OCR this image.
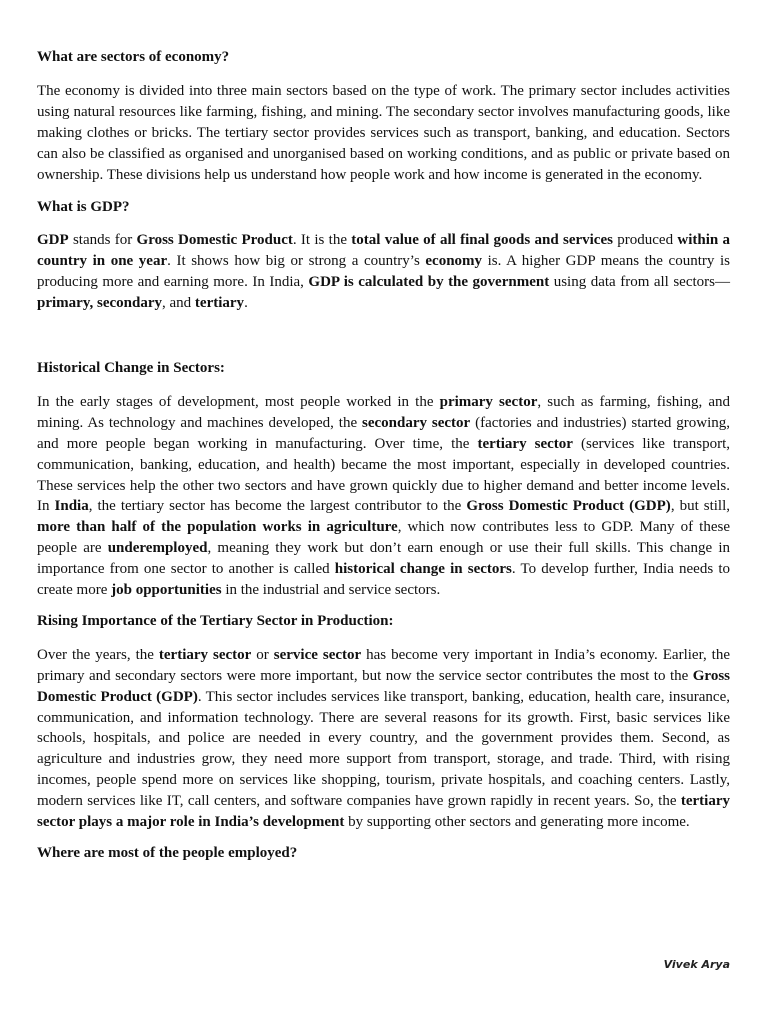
What are sectors of economy?

The economy is divided into three main sectors based on the type of work. The primary sector includes activities using natural resources like farming, fishing, and mining. The secondary sector involves manufacturing goods, like making clothes or bricks. The tertiary sector provides services such as transport, banking, and education. Sectors can also be classified as organised and unorganised based on working conditions, and as public or private based on ownership. These divisions help us understand how people work and how income is generated in the economy.

What is GDP?

GDP stands for Gross Domestic Product. It is the total value of all final goods and services produced within a country in one year. It shows how big or strong a country’s economy is. A higher GDP means the country is producing more and earning more. In India, GDP is calculated by the government using data from all sectors—primary, secondary, and tertiary.

Historical Change in Sectors:

In the early stages of development, most people worked in the primary sector, such as farming, fishing, and mining. As technology and machines developed, the secondary sector (factories and industries) started growing, and more people began working in manufacturing. Over time, the tertiary sector (services like transport, communication, banking, education, and health) became the most important, especially in developed countries. These services help the other two sectors and have grown quickly due to higher demand and better income levels. In India, the tertiary sector has become the largest contributor to the Gross Domestic Product (GDP), but still, more than half of the population works in agriculture, which now contributes less to GDP. Many of these people are underemployed, meaning they work but don’t earn enough or use their full skills. This change in importance from one sector to another is called historical change in sectors. To develop further, India needs to create more job opportunities in the industrial and service sectors.

Rising Importance of the Tertiary Sector in Production:

Over the years, the tertiary sector or service sector has become very important in India’s economy. Earlier, the primary and secondary sectors were more important, but now the service sector contributes the most to the Gross Domestic Product (GDP). This sector includes services like transport, banking, education, health care, insurance, communication, and information technology. There are several reasons for its growth. First, basic services like schools, hospitals, and police are needed in every country, and the government provides them. Second, as agriculture and industries grow, they need more support from transport, storage, and trade. Third, with rising incomes, people spend more on services like shopping, tourism, private hospitals, and coaching centers. Lastly, modern services like IT, call centers, and software companies have grown rapidly in recent years. So, the tertiary sector plays a major role in India’s development by supporting other sectors and generating more income.

Where are most of the people employed?

Vivek Arya
